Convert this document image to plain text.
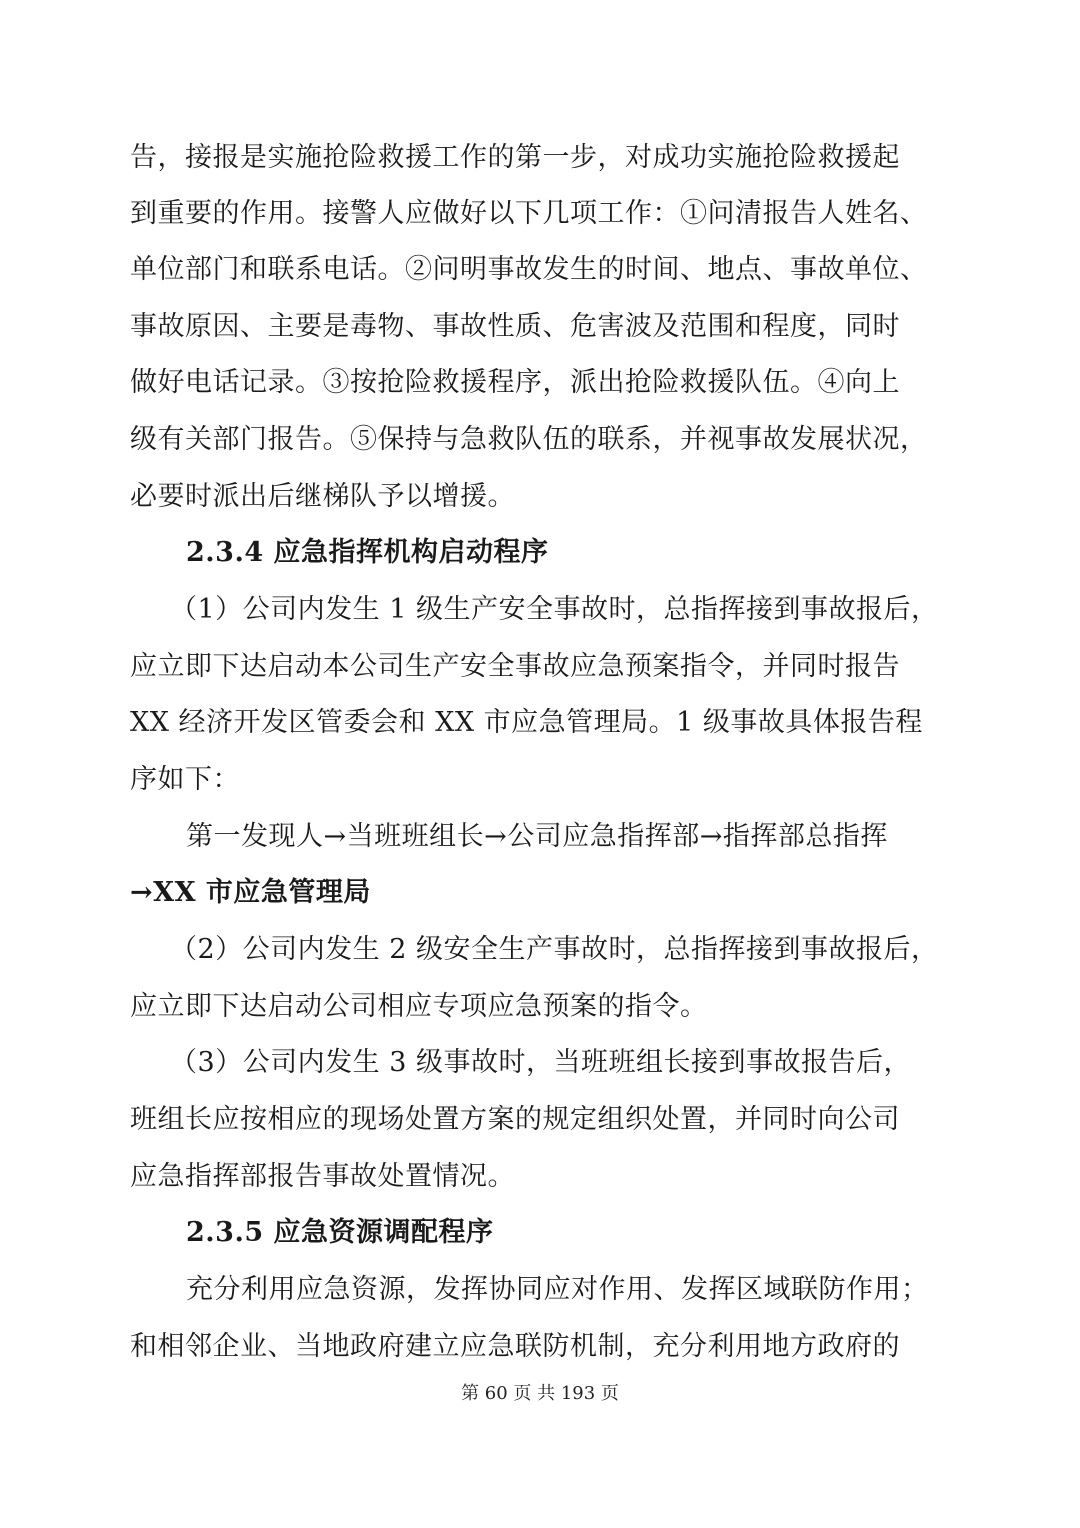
告，接报是实施抢险救援工作的第一步，对成功实施抢险救援起
到重要的作用。接警人应做好以下几项工作：①问清报告人姓名、
单位部门和联系电话。②问明事故发生的时间、地点、事故单位、
事故原因、主要是毒物、事故性质、危害波及范围和程度，同时
做好电话记录。③按抢险救援程序，派出抢险救援队伍。④向上
级有关部门报告。⑤保持与急救队伍的联系，并视事故发展状况，
必要时派出后继梯队予以增援。
2.3.4 应急指挥机构启动程序
（1）公司内发生 1 级生产安全事故时，总指挥接到事故报后，
应立即下达启动本公司生产安全事故应急预案指令，并同时报告
XX 经济开发区管委会和 XX 市应急管理局。1 级事故具体报告程
序如下：
第一发现人→当班班组长→公司应急指挥部→指挥部总指挥
→XX 市应急管理局
（2）公司内发生 2 级安全生产事故时，总指挥接到事故报后，
应立即下达启动公司相应专项应急预案的指令。
（3）公司内发生 3 级事故时，当班班组长接到事故报告后，
班组长应按相应的现场处置方案的规定组织处置，并同时向公司
应急指挥部报告事故处置情况。
2.3.5 应急资源调配程序
充分利用应急资源，发挥协同应对作用、发挥区域联防作用；
和相邻企业、当地政府建立应急联防机制，充分利用地方政府的
第 60 页 共 193 页
